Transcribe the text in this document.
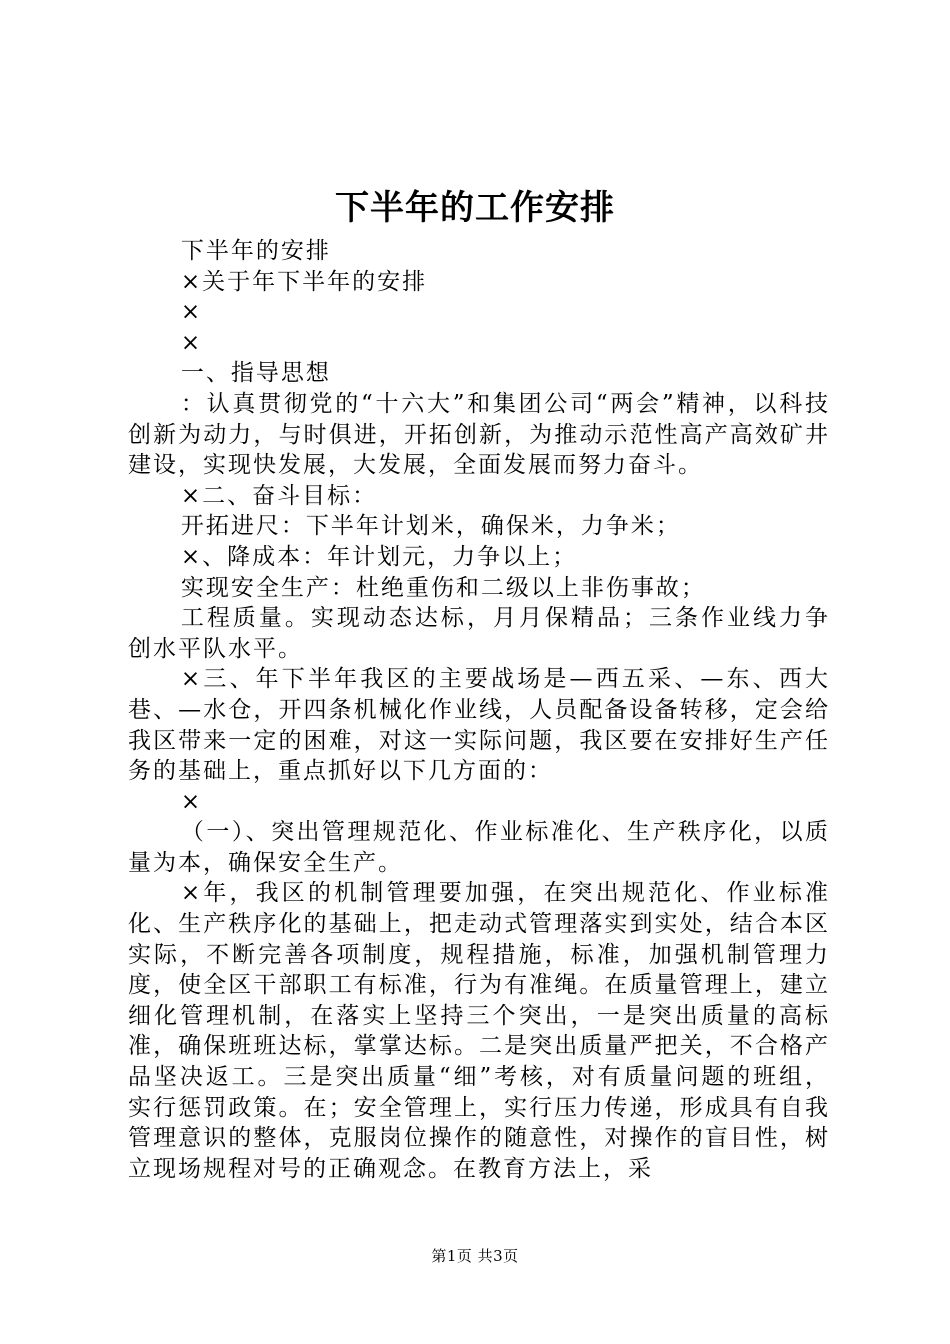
下半年的工作安排

下半年的安排

×关于年下半年的安排

×

×

一、指导思想

：认真贯彻党的“十六大”和集团公司“两会”精神，以科技创新为动力，与时俱进，开拓创新，为推动示范性高产高效矿井建设，实现快发展，大发展，全面发展而努力奋斗。

×二、奋斗目标：

开拓进尺：下半年计划米，确保米，力争米；

×、降成本：年计划元，力争以上；

实现安全生产：杜绝重伤和二级以上非伤事故；

工程质量。实现动态达标，月月保精品；三条作业线力争创水平队水平。

×三、年下半年我区的主要战场是—西五采、—东、西大巷、—水仓，开四条机械化作业线，人员配备设备转移，定会给我区带来一定的困难，对这一实际问题，我区要在安排好生产任务的基础上，重点抓好以下几方面的：

×

（一）、突出管理规范化、作业标准化、生产秩序化，以质量为本，确保安全生产。

×年，我区的机制管理要加强，在突出规范化、作业标准化、生产秩序化的基础上，把走动式管理落实到实处，结合本区实际，不断完善各项制度，规程措施，标准，加强机制管理力度，使全区干部职工有标准，行为有准绳。在质量管理上，建立细化管理机制，在落实上坚持三个突出，一是突出质量的高标准，确保班班达标，掌掌达标。二是突出质量严把关，不合格产品坚决返工。三是突出质量“细”考核，对有质量问题的班组，实行惩罚政策。在；安全管理上，实行压力传递，形成具有自我管理意识的整体，克服岗位操作的随意性，对操作的盲目性，树立现场规程对号的正确观念。在教育方法上，采

第1页 共3页
